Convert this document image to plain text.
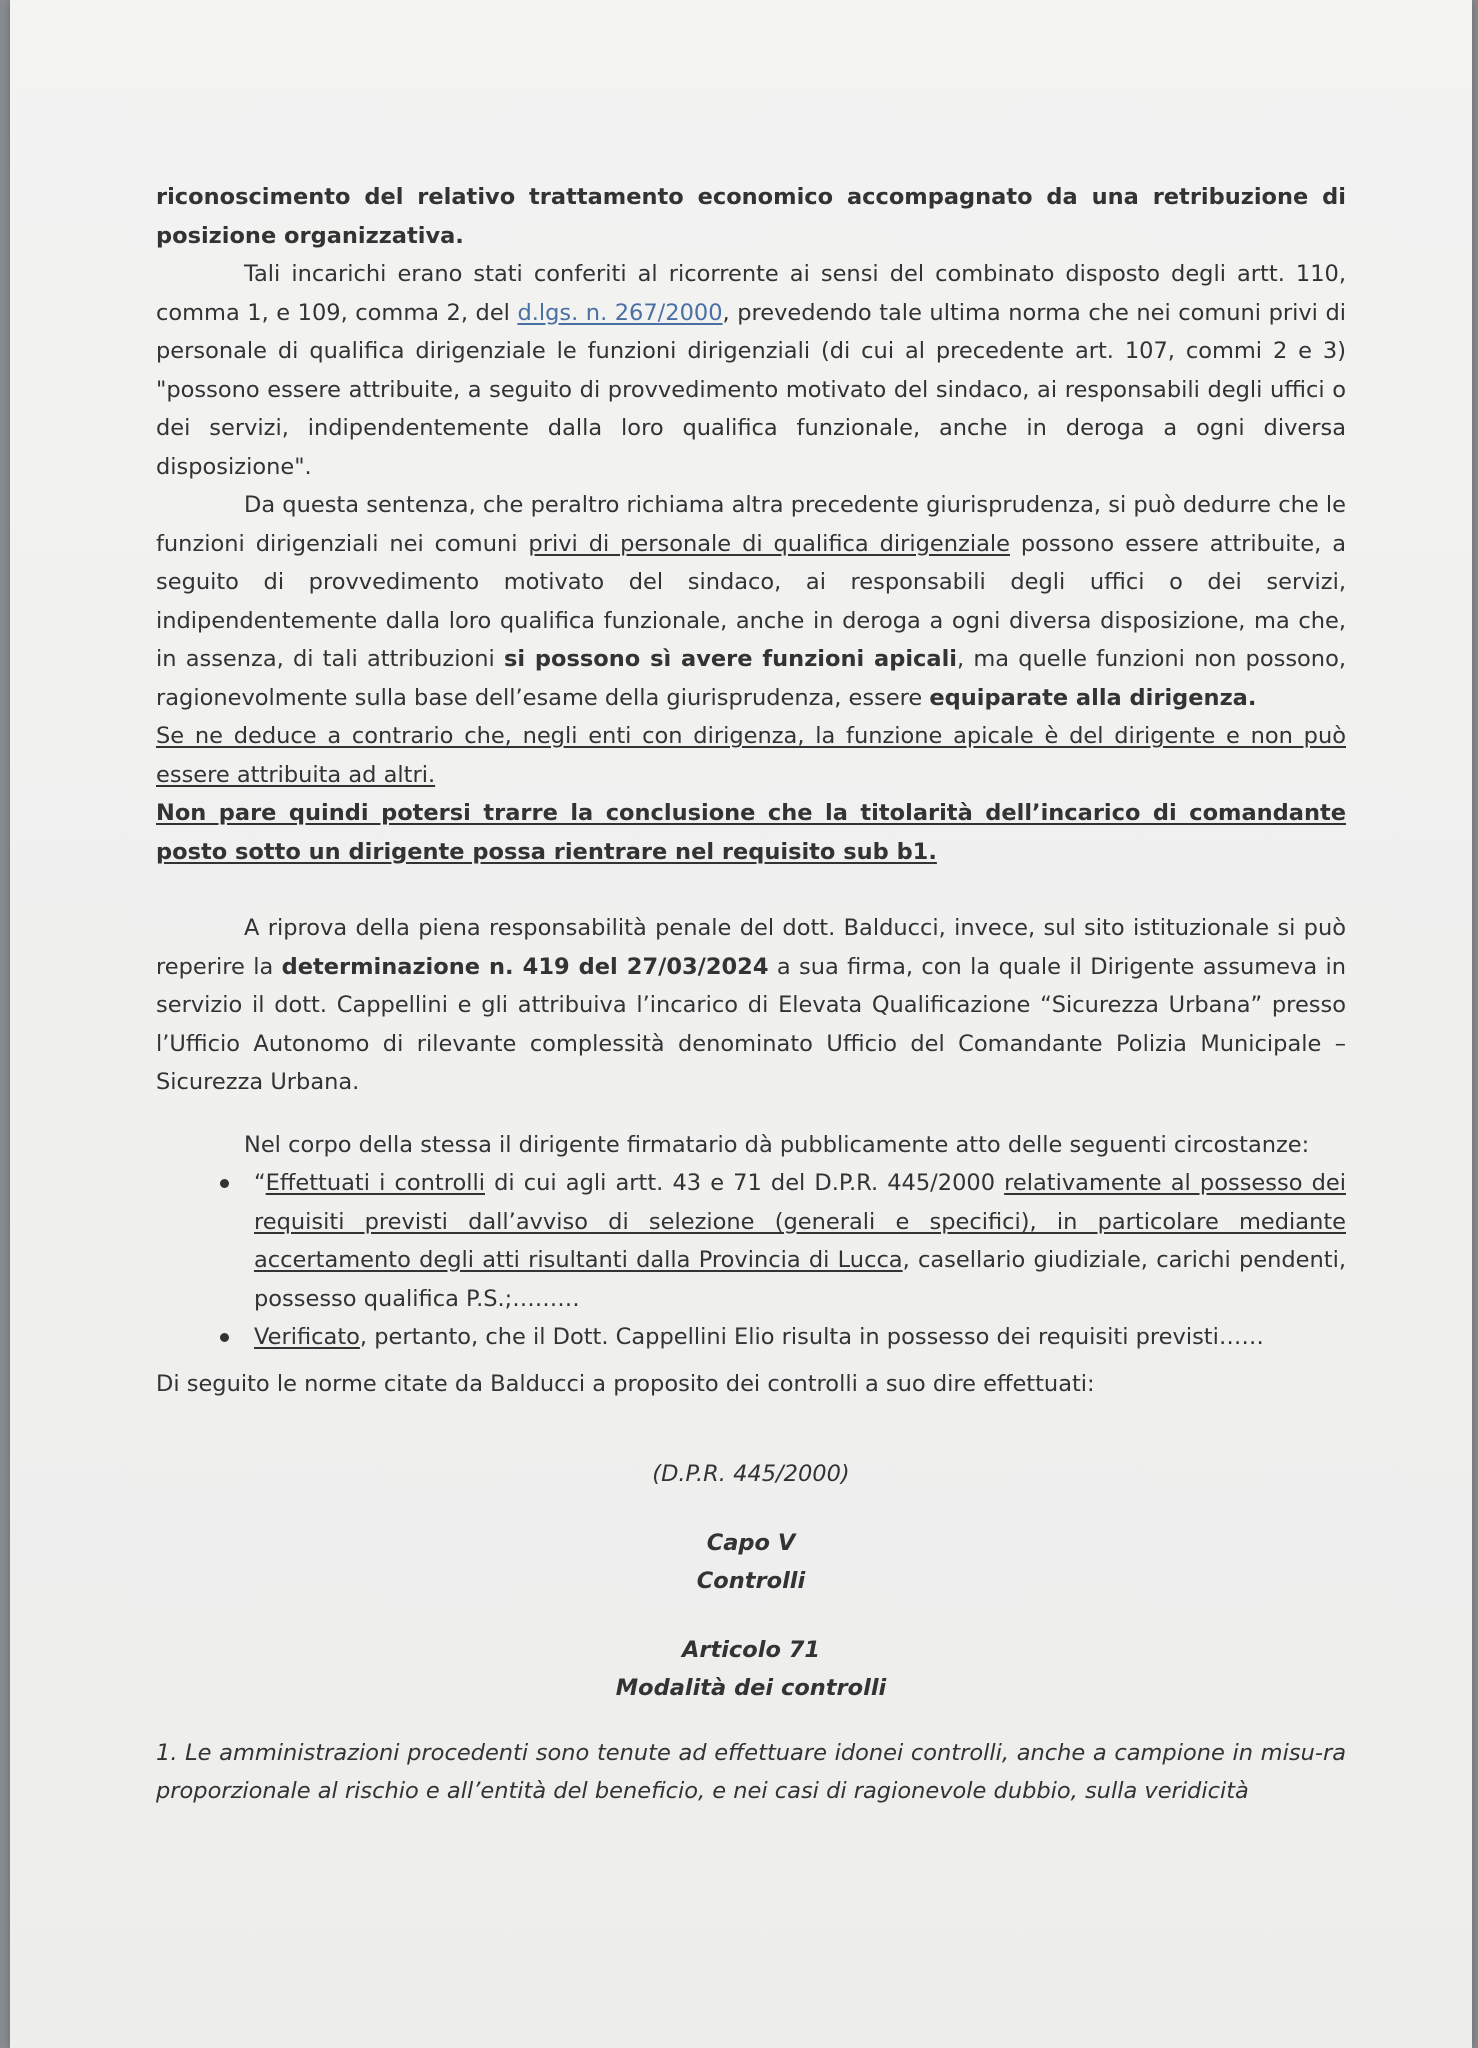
riconoscimento del relativo trattamento economico accompagnato da una retribuzione di posizione organizzativa.

Tali incarichi erano stati conferiti al ricorrente ai sensi del combinato disposto degli artt. 110, comma 1, e 109, comma 2, del d.lgs. n. 267/2000, prevedendo tale ultima norma che nei comuni privi di personale di qualifica dirigenziale le funzioni dirigenziali (di cui al precedente art. 107, commi 2 e 3) "possono essere attribuite, a seguito di provvedimento motivato del sindaco, ai responsabili degli uffici o dei servizi, indipendentemente dalla loro qualifica funzionale, anche in deroga a ogni diversa disposizione".

Da questa sentenza, che peraltro richiama altra precedente giurisprudenza, si può dedurre che le funzioni dirigenziali nei comuni privi di personale di qualifica dirigenziale possono essere attribuite, a seguito di provvedimento motivato del sindaco, ai responsabili degli uffici o dei servizi, indipendentemente dalla loro qualifica funzionale, anche in deroga a ogni diversa disposizione, ma che, in assenza, di tali attribuzioni si possono sì avere funzioni apicali, ma quelle funzioni non possono, ragionevolmente sulla base dell’esame della giurisprudenza, essere equiparate alla dirigenza.

Se ne deduce a contrario che, negli enti con dirigenza, la funzione apicale è del dirigente e non può essere attribuita ad altri.

Non pare quindi potersi trarre la conclusione che la titolarità dell’incarico di comandante posto sotto un dirigente possa rientrare nel requisito sub b1.

A riprova della piena responsabilità penale del dott. Balducci, invece, sul sito istituzionale si può reperire la determinazione n. 419 del 27/03/2024 a sua firma, con la quale il Dirigente assumeva in servizio il dott. Cappellini e gli attribuiva l’incarico di Elevata Qualificazione “Sicurezza Urbana” presso l’Ufficio Autonomo di rilevante complessità denominato Ufficio del Comandante Polizia Municipale – Sicurezza Urbana.

Nel corpo della stessa il dirigente firmatario dà pubblicamente atto delle seguenti circostanze:

“Effettuati i controlli di cui agli artt. 43 e 71 del D.P.R. 445/2000 relativamente al possesso dei requisiti previsti dall’avviso di selezione (generali e specifici), in particolare mediante accertamento degli atti risultanti dalla Provincia di Lucca, casellario giudiziale, carichi pendenti, possesso qualifica P.S.;………
Verificato, pertanto, che il Dott. Cappellini Elio risulta in possesso dei requisiti previsti……

Di seguito le norme citate da Balducci a proposito dei controlli a suo dire effettuati:

(D.P.R. 445/2000)

Capo V

Controlli

Articolo 71

Modalità dei controlli

1. Le amministrazioni procedenti sono tenute ad effettuare idonei controlli, anche a campione in misu-ra proporzionale al rischio e all’entità del beneficio, e nei casi di ragionevole dubbio, sulla veridicità
